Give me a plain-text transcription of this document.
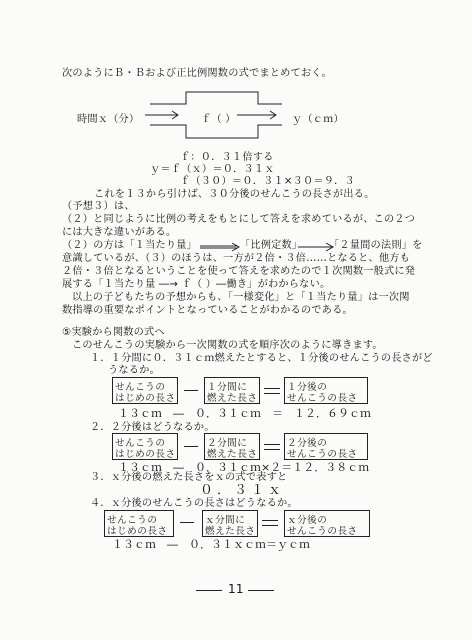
次のようにＢ・Ｂおよび正比例関数の式でまとめておく。
時間ｘ（分）	ｆ（ ）	ｙ（ｃｍ）
ｆ：０．３１倍する
ｙ＝ｆ（ｘ）＝０．３１ｘ
ｆ（３０）＝０．３１×３０＝９．３
これを１３から引けば、３０分後のせんこうの長さが出る。
（予想３）は、
（２）と同じように比例の考えをもとにして答えを求めているが、この２つ
には大きな違いがある。
（２）の方は「１当たり量」	「比例定数」	「２量間の法則」を
意識しているが、（３）のほうは、一方が２倍・３倍……となると、他方も
２倍・３倍となるということを使って答えを求めたので１次関数一般式に発
展する「１当たり量 ―→ ｆ（ ）―働き」がわからない。
以上の子どもたちの予想からも、「一様変化」と「１当たり量」は一次関
数指導の重要なポイントとなっていることがわかるのである。
⑤実験から関数の式へ
このせんこうの実験から一次関数の式を順序次のように導きます。
１．１分間に０．３１ｃｍ燃えたとすると、１分後のせんこうの長さがど
うなるか。
せんこうの
はじめの長さ
１分間に
燃えた長さ
１分後の
せんこうの長さ
１３ｃｍ　―　０．３１ｃｍ　＝　１２．６９ｃｍ
２．２分後はどうなるか。
せんこうの
はじめの長さ
２分間に
燃えた長さ
２分後の
せんこうの長さ
１３ｃｍ　―　０．３１ｃｍ×２＝１２．３８ｃｍ
３．ｘ分後の燃えた長さをｘの式で表すと
０．３１ｘ
４．ｘ分後のせんこうの長さはどうなるか。
せんこうの
はじめの長さ
ｘ分間に
燃えた長さ
ｘ分後の
せんこうの長さ
１３ｃｍ　―　０．３１ｘｃｍ＝ｙｃｍ
11
